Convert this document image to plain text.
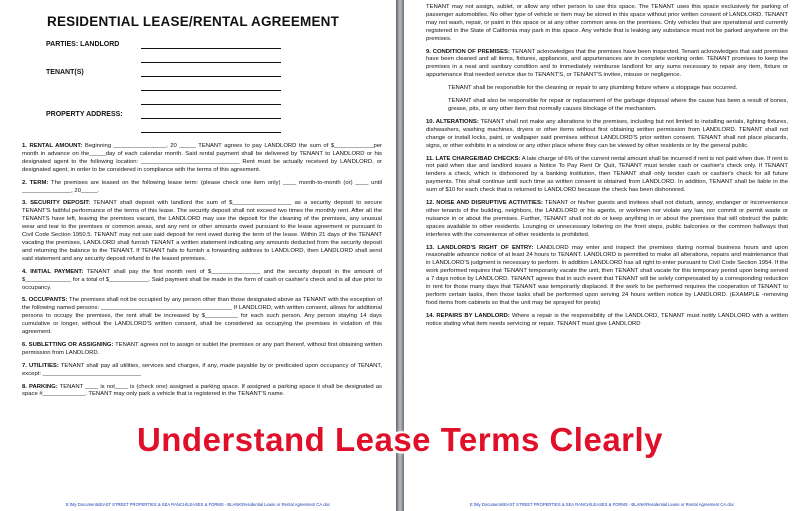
RESIDENTIAL LEASE/RENTAL AGREEMENT
PARTIES: LANDLORD
TENANT(S)
PROPERTY ADDRESS:

1. RENTAL AMOUNT: Beginning ________________, 20 _____ TENANT agrees to pay LANDLORD the sum of $____________per month in advance on the_____day of each calendar month. Said rental payment shall be delivered by TENANT to LANDLORD or his designated agent to the following location: ______________________________ Rent must be actually received by LANDLORD, or designated agent, in order to be considered in compliance with the terms of this agreement.

2. TERM: The premises are leased on the following lease term: (please check one item only) ____ month-to-month (or) ____ until _______________, 20_____.

3. SECURITY DEPOSIT: TENANT shall deposit with landlord the sum of $__________________ as a security deposit to secure TENANT'S faithful performance of the terms of this lease. The security deposit shall not exceed two times the monthly rent. After all the TENANTS have left, leaving the premises vacant, the LANDLORD may use the deposit for the cleaning of the premises, any unusual wear and tear to the premises or common areas, and any rent or other amounts owed pursuant to the lease agreement or pursuant to Civil Code Section 1950.5. TENANT may not use said deposit for rent owed during the term of the lease. Within 21 days of the TENANT vacating the premises, LANDLORD shall furnish TENANT a written statement indicating any amounts deducted from the security deposit and returning the balance to the TENANT. If TENANT fails to furnish a forwarding address to LANDLORD, then LANDLORD shall send said statement and any security deposit refund to the leased premises.

4. INITIAL PAYMENT: TENANT shall pay the first month rent of $_______________ and the security deposit in the amount of $______________ for a total of $____________. Said payment shall be made in the form of cash or cashier's check and is all due prior to occupancy.

5. OCCUPANTS: The premises shall not be occupied by any person other than those designated above as TENANT with the exception of the following named persons: ________________________________________ If LANDLORD, with written consent, allows for additional persons to occupy the premises, the rent shall be increased by $__________ for each such person. Any person staying 14 days cumulative or longer, without the LANDLORD'S written consent, shall be considered as occupying the premises in violation of this agreement.

6. SUBLETTING OR ASSIGNING: TENANT agrees not to assign or sublet the premises or any part thereof, without first obtaining written permission from LANDLORD.

7. UTILITIES: TENANT shall pay all utilities, services and charges, if any, made payable by or predicated upon occupancy of TENANT, except: ______________________________

8. PARKING: TENANT ____ is not____ is (check one) assigned a parking space. If assigned a parking space it shall be designated as space #_____________. TENANT may only park a vehicle that is registered in the TENANT'S name.

E:\My Documents\EAST STREET PROPERTIES & SEA RANCH\LEASES & FORMS - BLANK\Residential Lease or Rental Agreement CA.doc

TENANT may not assign, sublet, or allow any other person to use this space. The TENANT uses this space exclusively for parking of passenger automobiles. No other type of vehicle or item may be stored in this space without prior written consent of LANDLORD. TENANT may not wash, repair, or paint in this space or at any other common area on the premises. Only vehicles that are operational and currently registered in the State of California may park in this space. Any vehicle that is leaking any substance must not be parked anywhere on the premises.

9. CONDITION OF PREMISES: TENANT acknowledges that the premises have been inspected. Tenant acknowledges that said premises have been cleaned and all items, fixtures, appliances, and appurtenances are in complete working order. TENANT promises to keep the premises in a neat and sanitary condition and to immediately reimburse landlord for any sums necessary to repair any item, fixture or appurtenance that needed service due to TENANT'S, or TENANT'S invitee, misuse or negligence.

TENANT shall be responsible for the cleaning or repair to any plumbing fixture where a stoppage has occurred.

TENANT shall also be responsible for repair or replacement of the garbage disposal where the cause has been a result of bones, grease, pits, or any other item that normally causes blockage of the mechanism.

10. ALTERATIONS: TENANT shall not make any alterations to the premises, including but not limited to installing aerials, lighting fixtures, dishwashers, washing machines, dryers or other items without first obtaining written permission from LANDLORD. TENANT shall not change or install locks, paint, or wallpaper said premises without LANDLORD'S prior written consent. TENANT shall not place placards, signs, or other exhibits in a window or any other place where they can be viewed by other residents or by the general public.

11. LATE CHARGE/BAD CHECKS: A late charge of 6% of the current rental amount shall be incurred if rent is not paid when due. If rent is not paid when due and landlord issues a Notice To Pay Rent Or Quit, TENANT must tender cash or cashier's check only. If TENANT tenders a check, which is dishonored by a banking institution, then TENANT shall only tender cash or cashier's check for all future payments. This shall continue until such time as written consent is obtained from LANDLORD. In addition, TENANT shall be liable in the sum of $10 for each check that is returned to LANDLORD because the check has been dishonored.

12. NOISE AND DISRUPTIVE ACTIVITIES: TENANT or his/her guests and invitees shall not disturb, annoy, endanger or inconvenience other tenants of the building, neighbors, the LANDLORD or his agents, or workmen nor violate any law, nor commit or permit waste or nuisance in or about the premises. Further, TENANT shall not do or keep anything in or about the premises that will obstruct the public spaces available to other residents. Lounging or unnecessary loitering on the front steps, public balconies or the common hallways that interferes with the convenience of other residents is prohibited.

13. LANDLORD'S RIGHT OF ENTRY: LANDLORD may enter and inspect the premises during normal business hours and upon reasonable advance notice of at least 24 hours to TENANT. LANDLORD is permitted to make all alterations, repairs and maintenance that in LANDLORD'S judgment is necessary to perform. In addition LANDLORD has all right to enter pursuant to Civil Code Section 1954. If the work performed requires that TENANT temporarily vacate the unit, then TENANT shall vacate for this temporary period upon being served a 7 days notice by LANDLORD. TENANT agrees that in such event that TENANT will be solely compensated by a corresponding reduction in rent for those many days that TENANT was temporarily displaced. If the work to be performed requires the cooperation of TENANT to perform certain tasks, then those tasks shall be performed upon serving 24 hours written notice by LANDLORD. (EXAMPLE -removing food items from cabinets so that the unit may be sprayed for pests)

14. REPAIRS BY LANDLORD: Where a repair is the responsibility of the LANDLORD, TENANT must notify LANDLORD with a written notice stating what item needs servicing or repair. TENANT must give LANDLORD

E:\My Documents\EAST STREET PROPERTIES & SEA RANCH\LEASES & FORMS - BLANK\Residential Lease or Rental Agreement CA.doc
Understand Lease Terms Clearly
